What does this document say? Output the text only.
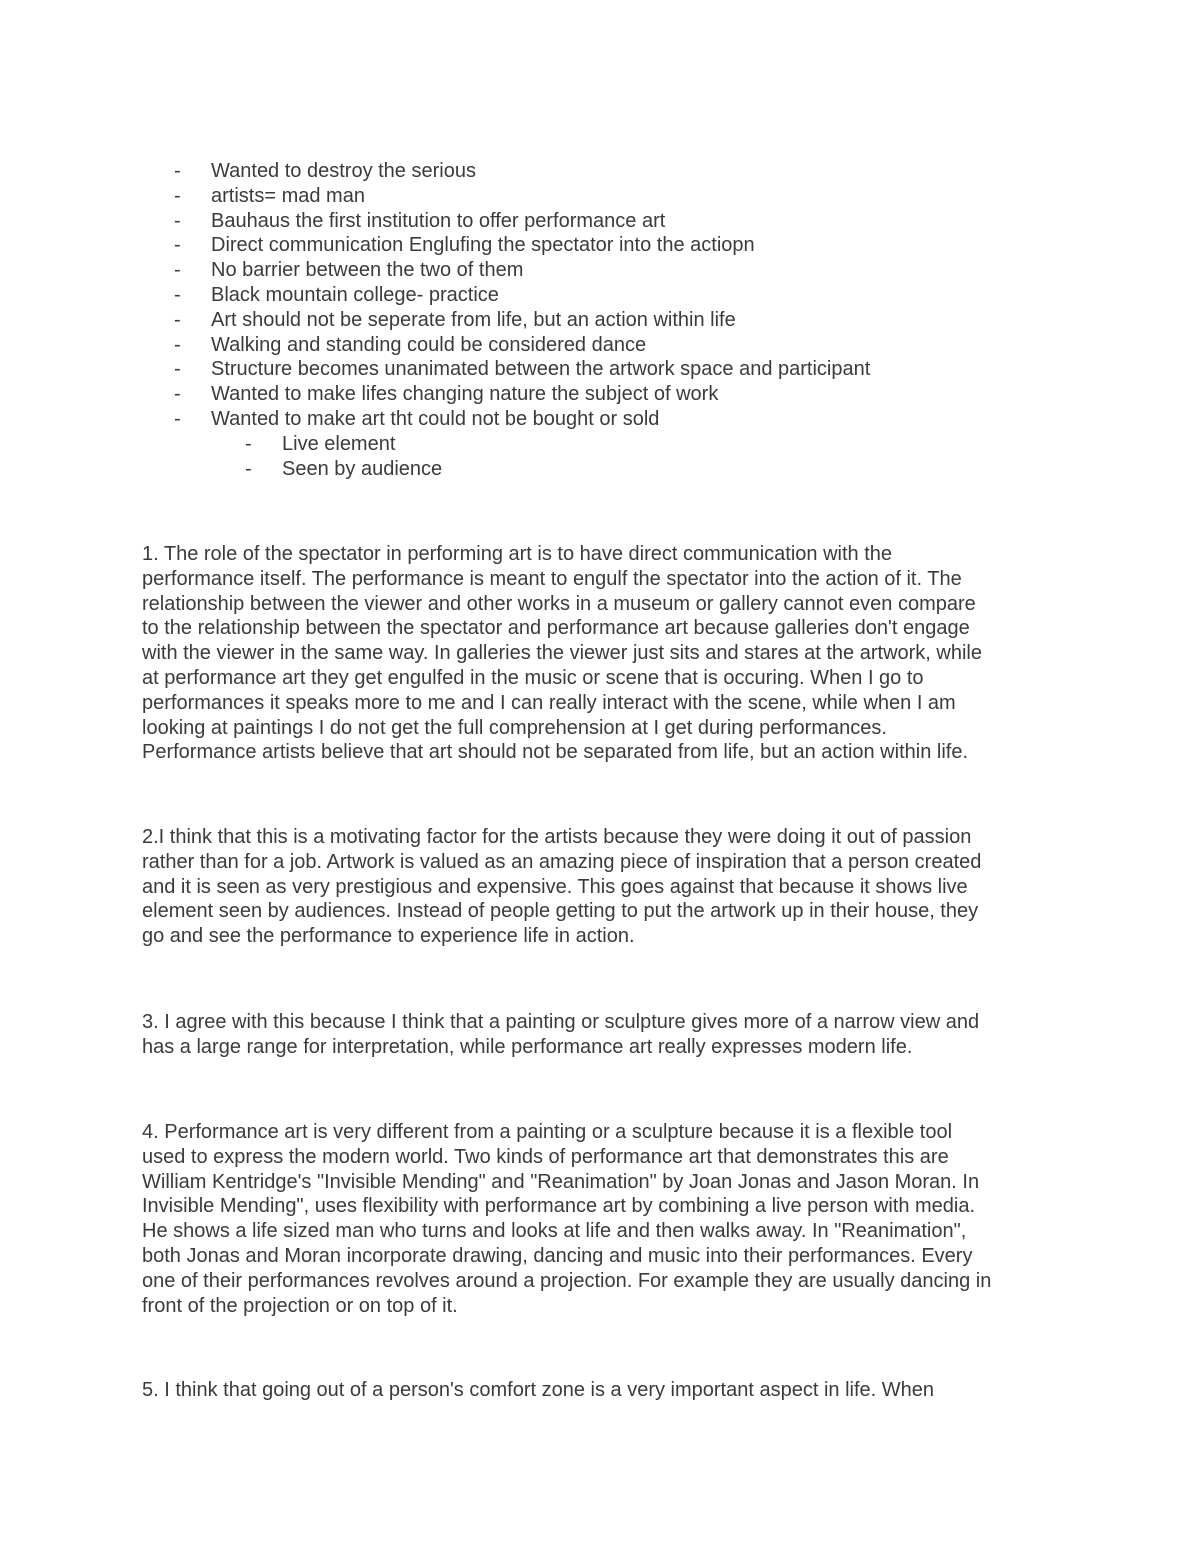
- Wanted to destroy the serious
- artists= mad man
- Bauhaus the first institution to offer performance art
- Direct communication Englufing the spectator into the actiopn
- No barrier between the two of them
- Black mountain college- practice
- Art should not be seperate from life, but an action within life
- Walking and standing could be considered dance
- Structure becomes unanimated between the artwork space and participant
- Wanted to make lifes changing nature the subject of work
- Wanted to make art tht could not be bought or sold
- Live element
- Seen by audience
1. The role of the spectator in performing art is to have direct communication with the
performance itself. The performance is meant to engulf the spectator into the action of it. The
relationship between the viewer and other works in a museum or gallery cannot even compare
to the relationship between the spectator and performance art because galleries don't engage
with the viewer in the same way. In galleries the viewer just sits and stares at the artwork, while
at performance art they get engulfed in the music or scene that is occuring. When I go to
performances it speaks more to me and I can really interact with the scene, while when I am
looking at paintings I do not get the full comprehension at I get during performances.
Performance artists believe that art should not be separated from life, but an action within life.
2.I think that this is a motivating factor for the artists because they were doing it out of passion
rather than for a job. Artwork is valued as an amazing piece of inspiration that a person created
and it is seen as very prestigious and expensive. This goes against that because it shows live
element seen by audiences. Instead of people getting to put the artwork up in their house, they
go and see the performance to experience life in action.
3. I agree with this because I think that a painting or sculpture gives more of a narrow view and
has a large range for interpretation, while performance art really expresses modern life.
4. Performance art is very different from a painting or a sculpture because it is a flexible tool
used to express the modern world. Two kinds of performance art that demonstrates this are
William Kentridge's "Invisible Mending" and "Reanimation" by Joan Jonas and Jason Moran. In
Invisible Mending", uses flexibility with performance art by combining a live person with media.
He shows a life sized man who turns and looks at life and then walks away. In "Reanimation",
both Jonas and Moran incorporate drawing, dancing and music into their performances. Every
one of their performances revolves around a projection. For example they are usually dancing in
front of the projection or on top of it.
5. I think that going out of a person's comfort zone is a very important aspect in life. When
